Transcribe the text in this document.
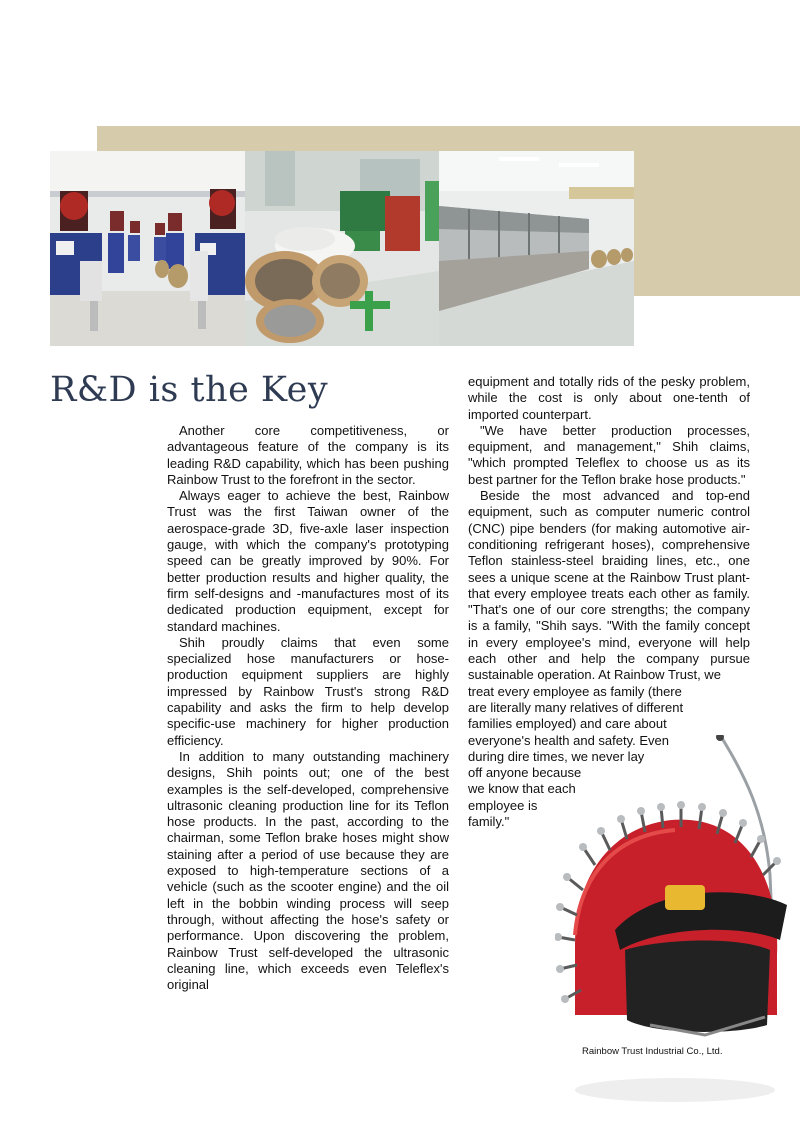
R&D is the Key

Another core competitiveness, or advantageous feature of the company is its leading R&D capability, which has been pushing Rainbow Trust to the forefront in the sector.

Always eager to achieve the best, Rainbow Trust was the first Taiwan owner of the aerospace-grade 3D, five-axle laser inspection gauge, with which the company's prototyping speed can be greatly improved by 90%. For better production results and higher quality, the firm self-designs and -manufactures most of its dedicated production equipment, except for standard machines.

Shih proudly claims that even some specialized hose manufacturers or hose-production equipment suppliers are highly impressed by Rainbow Trust's strong R&D capability and asks the firm to help develop specific-use machinery for higher production efficiency.

In addition to many outstanding machinery designs, Shih points out; one of the best examples is the self-developed, comprehensive ultrasonic cleaning production line for its Teflon hose products. In the past, according to the chairman, some Teflon brake hoses might show staining after a period of use because they are exposed to high-temperature sections of a vehicle (such as the scooter engine) and the oil left in the bobbin winding process will seep through, without affecting the hose's safety or performance. Upon discovering the problem, Rainbow Trust self-developed the ultrasonic cleaning line, which exceeds even Teleflex's original

equipment and totally rids of the pesky problem, while the cost is only about one-tenth of imported counterpart.

"We have better production processes, equipment, and management," Shih claims, "which prompted Teleflex to choose us as its best partner for the Teflon brake hose products."

Beside the most advanced and top-end equipment, such as computer numeric control (CNC) pipe benders (for making automotive air-conditioning refrigerant hoses), comprehensive Teflon stainless-steel braiding lines, etc., one sees a unique scene at the Rainbow Trust plant-that every employee treats each other as family. "That's one of our core strengths; the company is a family, "Shih says. "With the family concept in every employee's mind, everyone will help each other and help the company pursue sustainable operation. At Rainbow Trust, we

treat every employee as family (there
are literally many relatives of different
families employed) and care about
everyone's health and safety. Even
during dire times, we never lay
off anyone because
we know that each
employee is
family."
Rainbow Trust Industrial Co., Ltd.
